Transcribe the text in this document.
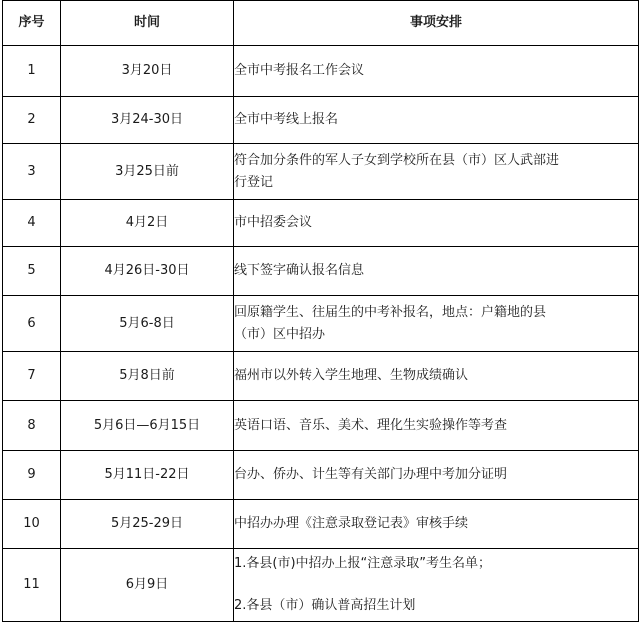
序号	时间	事项安排
1	3月20日	全市中考报名工作会议

2	3月24-30日	全市中考线上报名

3	3月25日前	符合加分条件的军人子女到学校所在县（市）区人武部进
行登记

4	4月2日	市中招委会议

5	4月26日-30日	线下签字确认报名信息

6	5月6-8日	回原籍学生、往届生的中考补报名，地点：户籍地的县
（市）区中招办

7	5月8日前	福州市以外转入学生地理、生物成绩确认

8	5月6日—6月15日	英语口语、音乐、美术、理化生实验操作等考查

9	5月11日-22日	台办、侨办、计生等有关部门办理中考加分证明

10	5月25-29日	中招办办理《注意录取登记表》审核手续

11	6月9日	1.各县(市)中招办上报“注意录取”考生名单；
2.各县（市）确认普高招生计划
